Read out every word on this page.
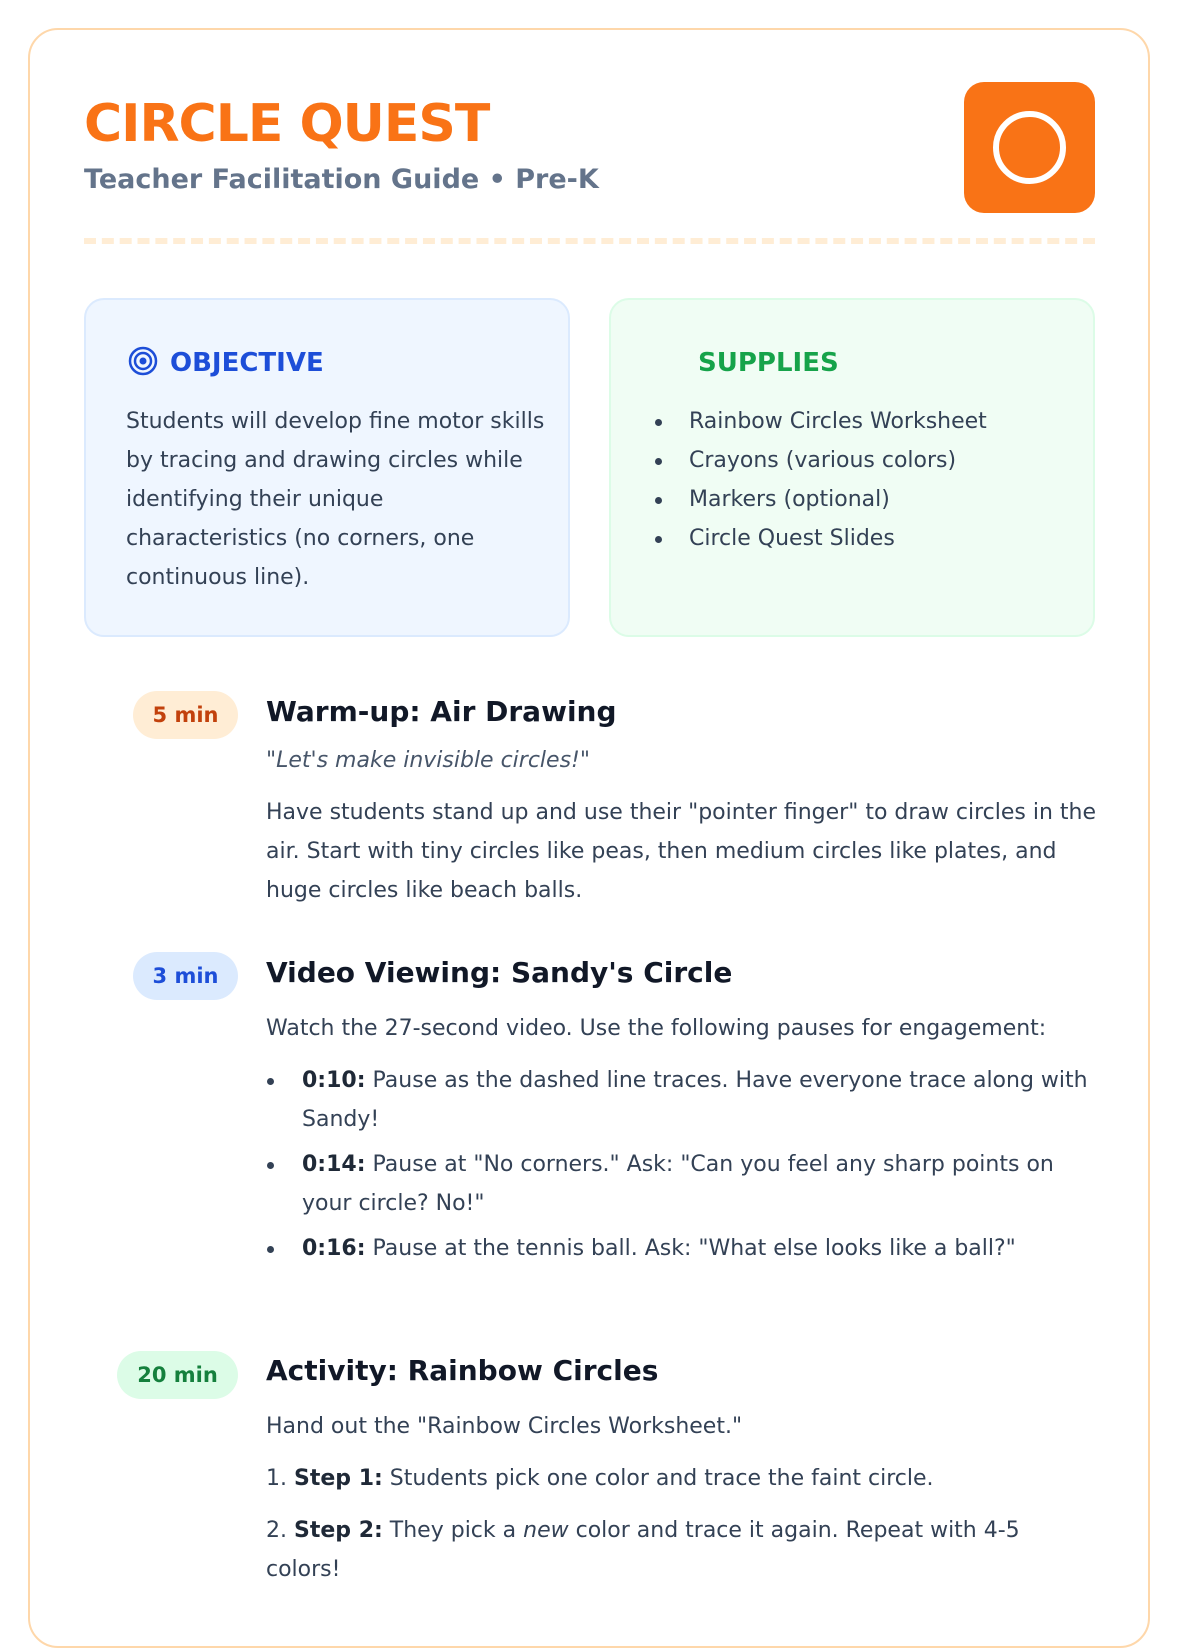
CIRCLE QUEST
Teacher Facilitation Guide • Pre-K
OBJECTIVE
Students will develop fine motor skills by tracing and drawing circles while identifying their unique characteristics (no corners, one continuous line).
SUPPLIES
Rainbow Circles Worksheet
Crayons (various colors)
Markers (optional)
Circle Quest Slides
5 min	Warm-up: Air Drawing
"Let's make invisible circles!"
Have students stand up and use their "pointer finger" to draw circles in the air. Start with tiny circles like peas, then medium circles like plates, and huge circles like beach balls.
3 min	Video Viewing: Sandy's Circle
Watch the 27-second video. Use the following pauses for engagement:
0:10: Pause as the dashed line traces. Have everyone trace along with Sandy!
0:14: Pause at "No corners." Ask: "Can you feel any sharp points on your circle? No!"
0:16: Pause at the tennis ball. Ask: "What else looks like a ball?"
20 min	Activity: Rainbow Circles
Hand out the "Rainbow Circles Worksheet."
1. Step 1: Students pick one color and trace the faint circle.
2. Step 2: They pick a new color and trace it again. Repeat with 4-5 colors!
